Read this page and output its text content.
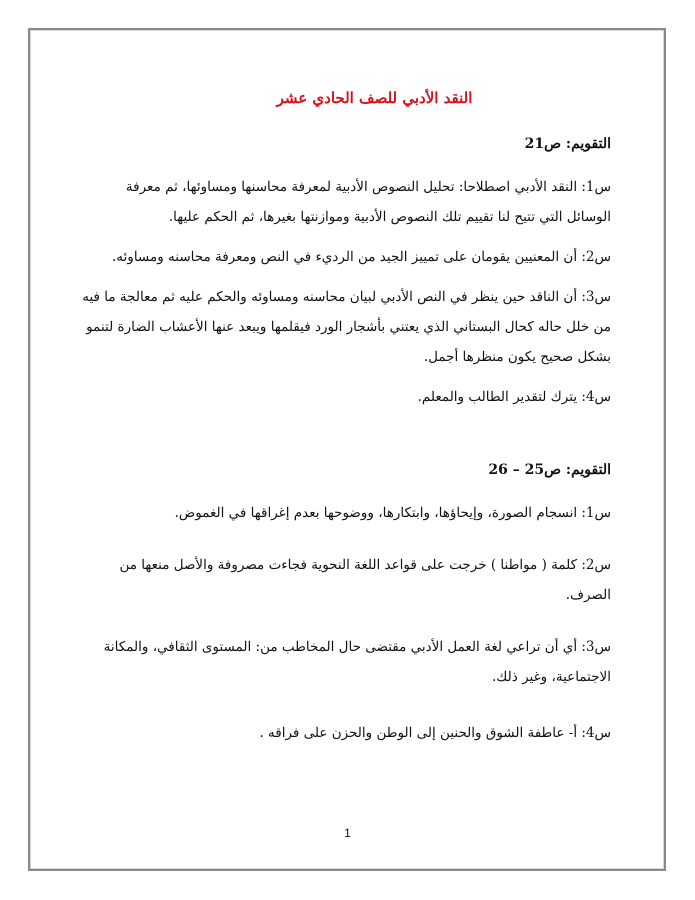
النقد الأدبي للصف الحادي عشر

التقويم: ص21

س1: النقد الأدبي اصطلاحا: تحليل النصوص الأدبية لمعرفة محاسنها ومساوئها، ثم معرفة الوسائل التي تتيح لنا تقييم تلك النصوص الأدبية وموازنتها بغيرها، ثم الحكم عليها.

س2: أن المعنيين يقومان على تمييز الجيد من الرديء في النص ومعرفة محاسنه ومساوئه.

س3: أن الناقد حين ينظر في النص الأدبي لبيان محاسنه ومساوئه والحكم عليه ثم معالجة ما فيه من خلل حاله كحال البستاني الذي يعتني بأشجار الورد فيقلمها ويبعد عنها الأعشاب الضارة لتنمو بشكل صحيح يكون منظرها أجمل.

س4: يترك لتقدير الطالب والمعلم.

التقويم: ص25 – 26

س1: انسجام الصورة، وإيحاؤها، وابتكارها، ووضوحها بعدم إغراقها في الغموض.

س2: كلمة ( مواطنا ) خرجت على قواعد اللغة النحوية فجاءت مصروفة والأصل منعها من الصرف.

س3: أي أن تراعي لغة العمل الأدبي مقتضى حال المخاطب من: المستوى الثقافي، والمكانة الاجتماعية، وغير ذلك.

س4: أ- عاطفة الشوق والحنين إلى الوطن والحزن على فراقه .

1
